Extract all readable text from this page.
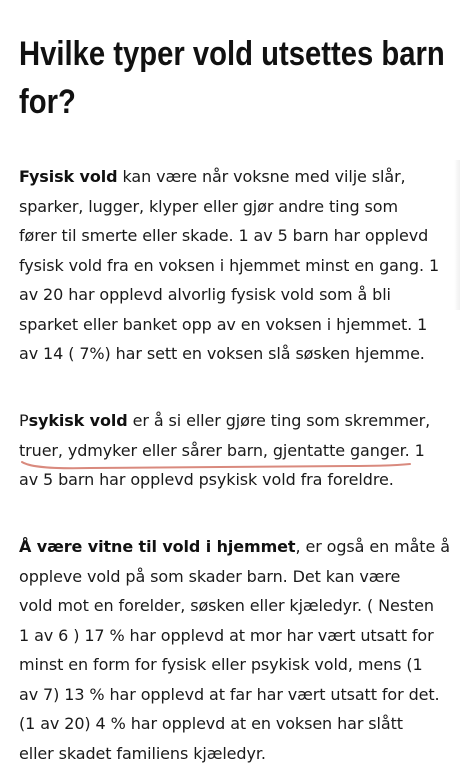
Hvilke typer vold utsettes barn
for?

Fysisk vold kan være når voksne med vilje slår,
sparker, lugger, klyper eller gjør andre ting som
fører til smerte eller skade. 1 av 5 barn har opplevd
fysisk vold fra en voksen i hjemmet minst en gang. 1
av 20 har opplevd alvorlig fysisk vold som å bli
sparket eller banket opp av en voksen i hjemmet. 1
av 14 ( 7%) har sett en voksen slå søsken hjemme.

Psykisk vold er å si eller gjøre ting som skremmer,
truer, ydmyker eller sårer barn, gjentatte ganger. 1
av 5 barn har opplevd psykisk vold fra foreldre.

Å være vitne til vold i hjemmet, er også en måte å
oppleve vold på som skader barn. Det kan være
vold mot en forelder, søsken eller kjæledyr. ( Nesten
1 av 6 ) 17 % har opplevd at mor har vært utsatt for
minst en form for fysisk eller psykisk vold, mens (1
av 7) 13 % har opplevd at far har vært utsatt for det.
(1 av 20) 4 % har opplevd at en voksen har slått
eller skadet familiens kjæledyr.
